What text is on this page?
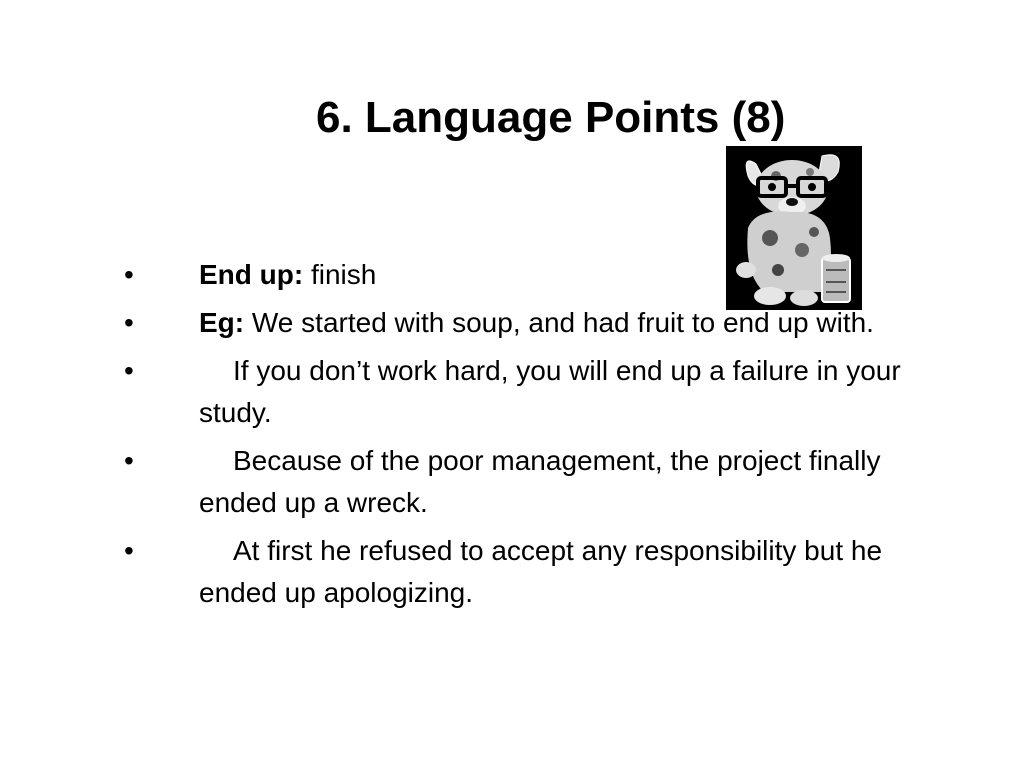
6. Language Points (8)
•	End up: finish
•	Eg: We started with soup, and had fruit to end up with.
•	If you don’t work hard, you will end up a failure in your study.
•	Because of the poor management, the project finally ended up a wreck.
•	At first he refused to accept any responsibility but he ended up apologizing.
